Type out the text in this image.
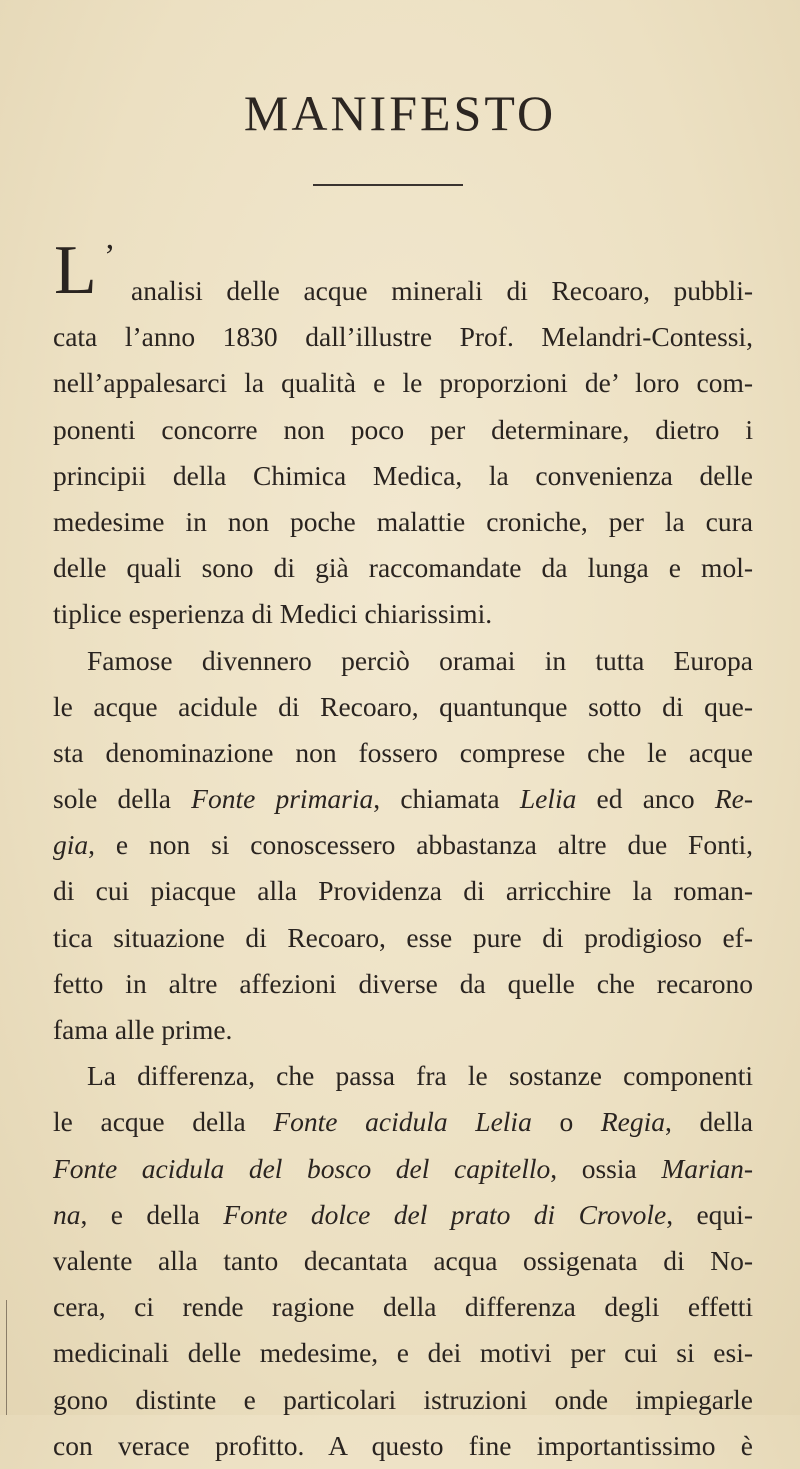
MANIFESTO
L ’
analisi delle acque minerali di Recoaro, pubbli-
cata l’anno 1830 dall’illustre Prof. Melandri-Contessi,
nell’appalesarci la qualità e le proporzioni de’ loro com-
ponenti concorre non poco per determinare, dietro i
principii della Chimica Medica, la convenienza delle
medesime in non poche malattie croniche, per la cura
delle quali sono di già raccomandate da lunga e mol-
tiplice esperienza di Medici chiarissimi.
Famose divennero perciò oramai in tutta Europa
le acque acidule di Recoaro, quantunque sotto di que-
sta denominazione non fossero comprese che le acque
sole della Fonte primaria, chiamata Lelia ed anco Re-
gia, e non si conoscessero abbastanza altre due Fonti,
di cui piacque alla Providenza di arricchire la roman-
tica situazione di Recoaro, esse pure di prodigioso ef-
fetto in altre affezioni diverse da quelle che recarono
fama alle prime.
La differenza, che passa fra le sostanze componenti
le acque della Fonte acidula Lelia o Regia, della
Fonte acidula del bosco del capitello, ossia Marian-
na, e della Fonte dolce del prato di Crovole, equi-
valente alla tanto decantata acqua ossigenata di No-
cera, ci rende ragione della differenza degli effetti
medicinali delle medesime, e dei motivi per cui si esi-
gono distinte e particolari istruzioni onde impiegarle
con verace profitto. A questo fine importantissimo è
